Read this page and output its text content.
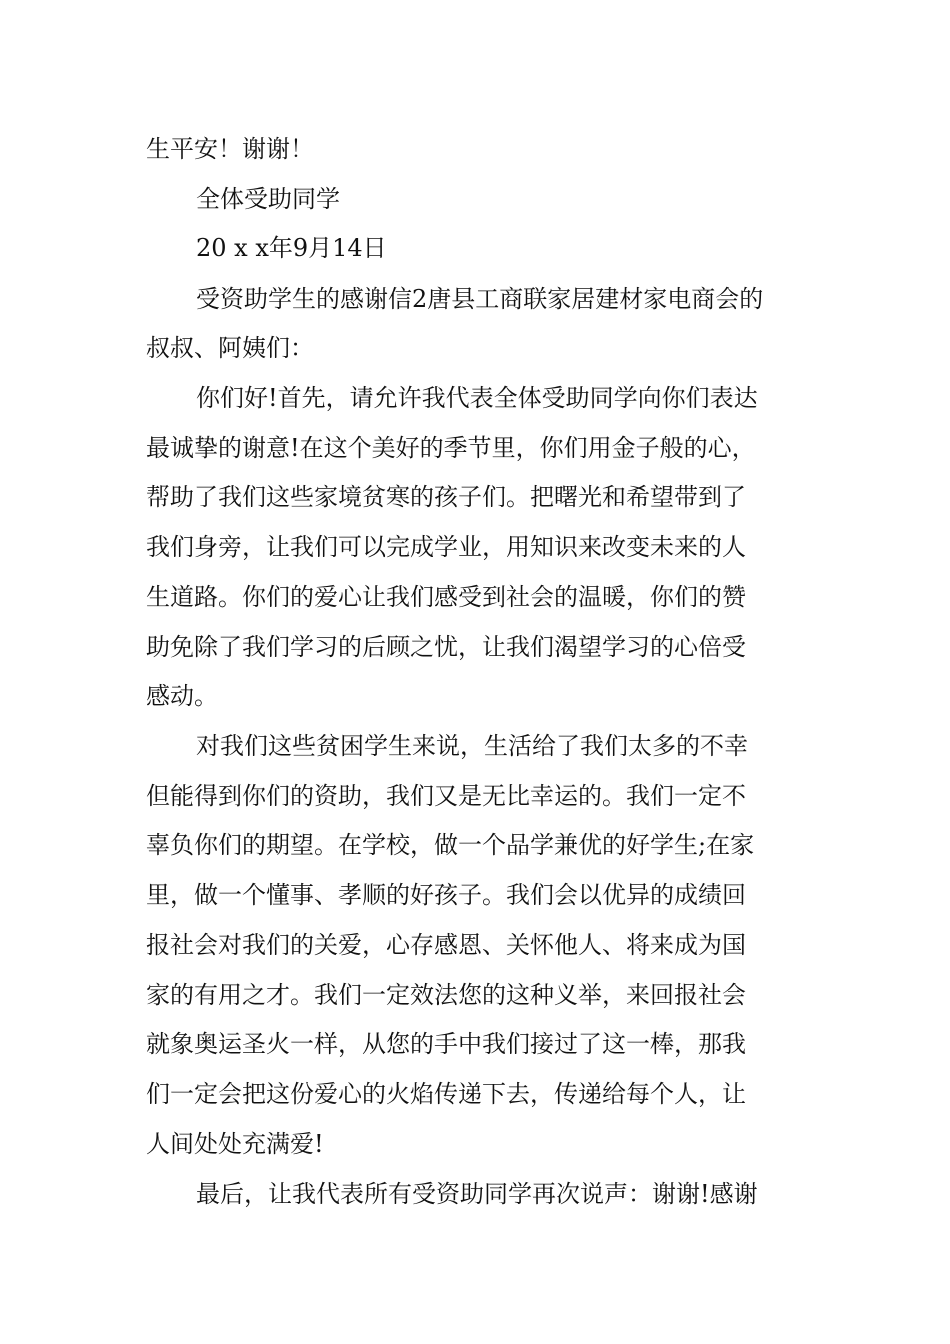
生平安！谢谢！
全体受助同学
20 x x年9月14日
受资助学生的感谢信2唐县工商联家居建材家电商会的
叔叔、阿姨们：
你们好!首先，请允许我代表全体受助同学向你们表达
最诚挚的谢意!在这个美好的季节里，你们用金子般的心，
帮助了我们这些家境贫寒的孩子们。把曙光和希望带到了
我们身旁，让我们可以完成学业，用知识来改变未来的人
生道路。你们的爱心让我们感受到社会的温暖，你们的赞
助免除了我们学习的后顾之忧，让我们渴望学习的心倍受
感动。
对我们这些贫困学生来说，生活给了我们太多的不幸
但能得到你们的资助，我们又是无比幸运的。我们一定不
辜负你们的期望。在学校，做一个品学兼优的好学生;在家
里，做一个懂事、孝顺的好孩子。我们会以优异的成绩回
报社会对我们的关爱，心存感恩、关怀他人、将来成为国
家的有用之才。我们一定效法您的这种义举，来回报社会
就象奥运圣火一样，从您的手中我们接过了这一棒，那我
们一定会把这份爱心的火焰传递下去，传递给每个人，让
人间处处充满爱!
最后，让我代表所有受资助同学再次说声：谢谢!感谢
